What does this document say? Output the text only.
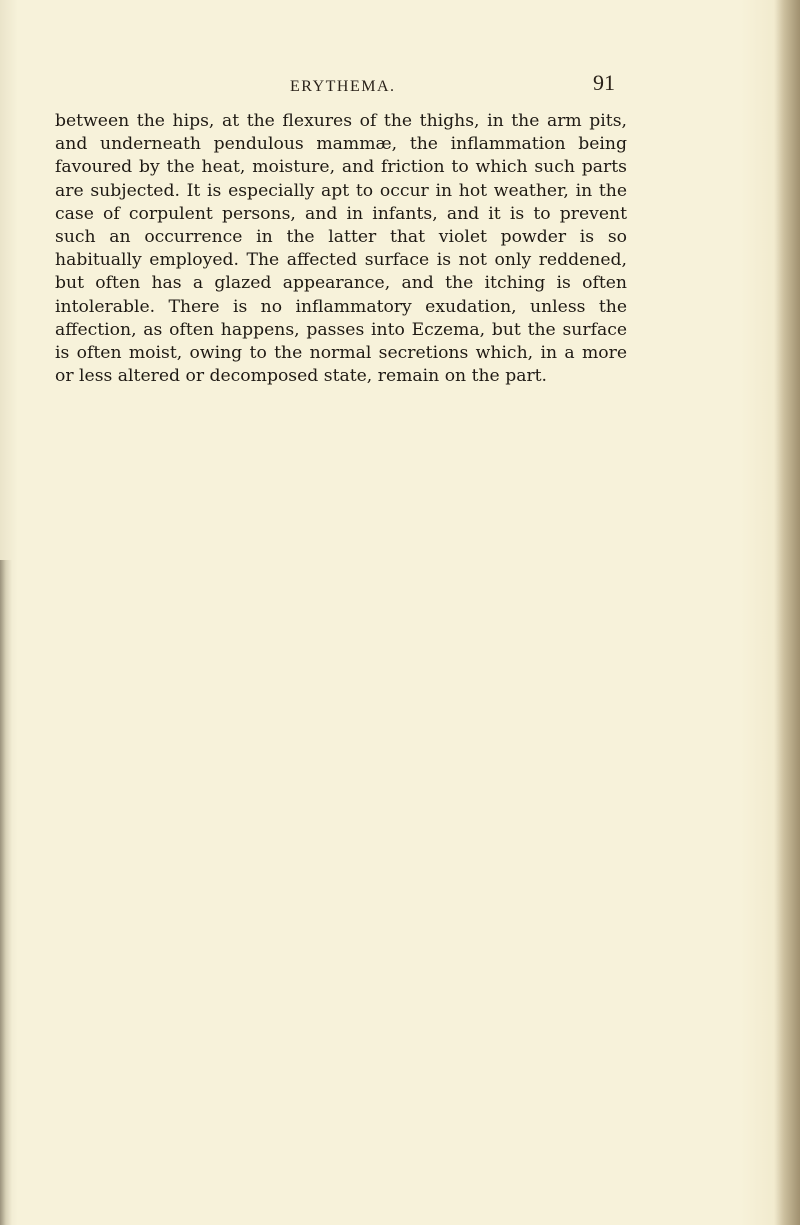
ERYTHEMA.	91

between the hips, at the flexures of the thighs, in the arm pits, and underneath pendulous mammæ, the inflammation being favoured by the heat, moisture, and friction to which such parts are subjected. It is especially apt to occur in hot weather, in the case of corpulent persons, and in infants, and it is to prevent such an occurrence in the latter that violet powder is so habitually employed. The affected surface is not only reddened, but often has a glazed appearance, and the itching is often intolerable. There is no inflammatory exudation, unless the affection, as often happens, passes into Eczema, but the surface is often moist, owing to the normal secretions which, in a more or less altered or decomposed state, remain on the part.
